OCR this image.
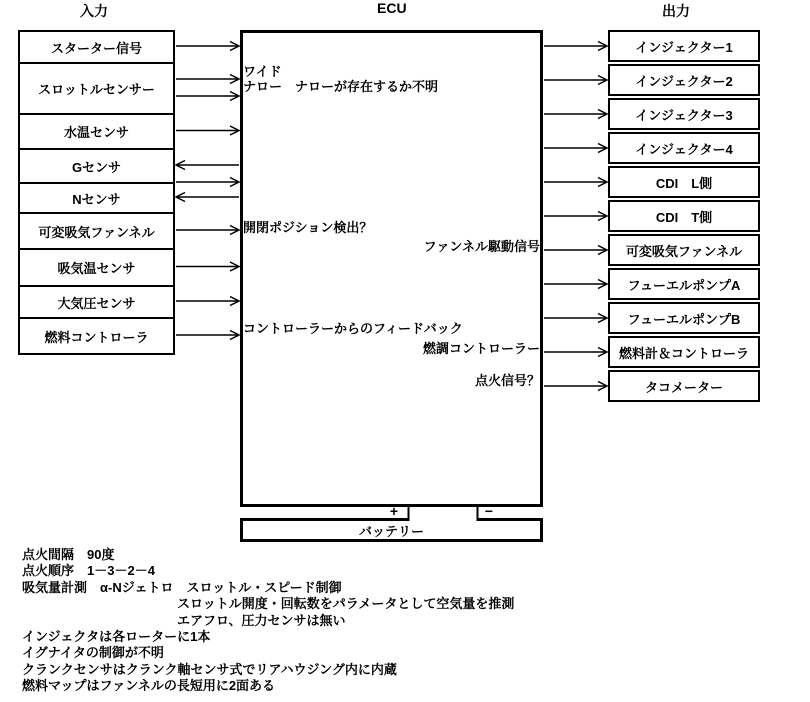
入力	ECU	出力
スターター信号
スロットルセンサー
水温センサ
Gセンサ
Nセンサ
可変吸気ファンネル
吸気温センサ
大気圧センサ
燃料コントローラ
インジェクター1
インジェクター2
インジェクター3
インジェクター4
CDI　L側
CDI　T側
可変吸気ファンネル
フューエルポンプA
フューエルポンプB
燃料計＆コントローラ
タコメーター
ワイド
ナロー　ナローが存在するか不明
開閉ポジション検出？
ファンネル駆動信号
コントローラーからのフィードバック
燃調コントローラー
点火信号？
バッテリー
+	−
点火間隔　90度
点火順序　1－3－2－4
吸気量計測　α-Nジェトロ　スロットル・スピード制御
スロットル開度・回転数をパラメータとして空気量を推測
エアフロ、圧力センサは無い
インジェクタは各ローターに1本
イグナイタの制御が不明
クランクセンサはクランク軸センサ式でリアハウジング内に内蔵
燃料マップはファンネルの長短用に2面ある
